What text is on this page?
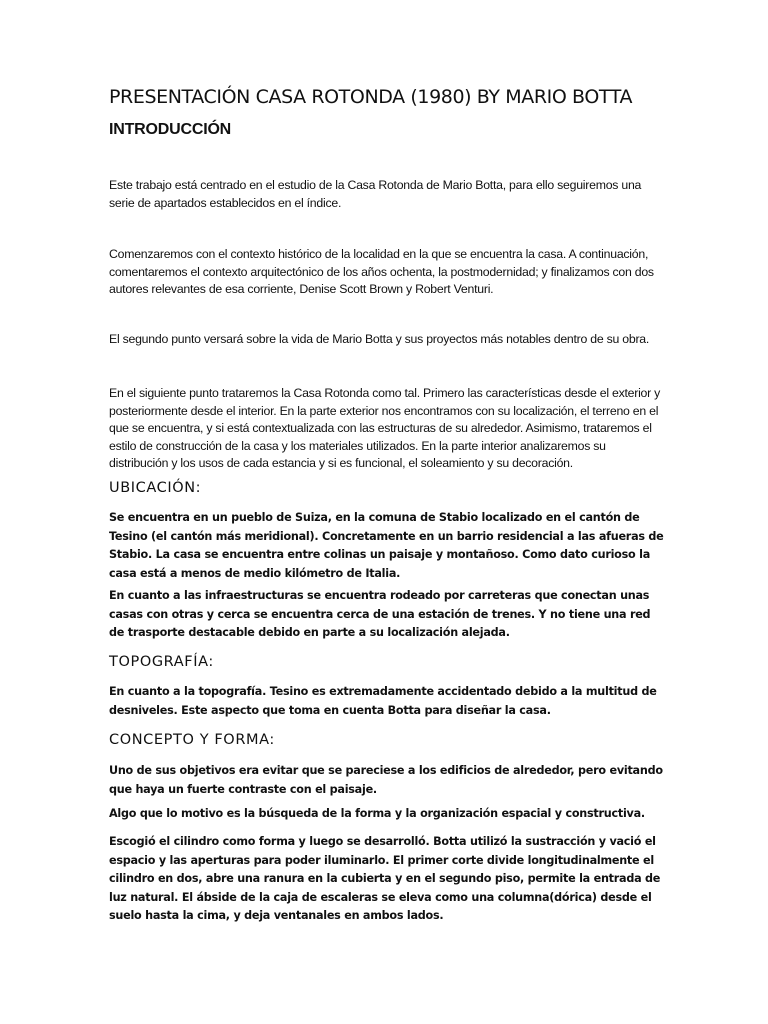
PRESENTACIÓN CASA ROTONDA (1980) BY MARIO BOTTA
INTRODUCCIÓN

Este trabajo está centrado en el estudio de la Casa Rotonda de Mario Botta, para ello seguiremos una serie de apartados establecidos en el índice.

Comenzaremos con el contexto histórico de la localidad en la que se encuentra la casa. A continuación, comentaremos el contexto arquitectónico de los años ochenta, la postmodernidad; y finalizamos con dos autores relevantes de esa corriente, Denise Scott Brown y Robert Venturi.

El segundo punto versará sobre la vida de Mario Botta y sus proyectos más notables dentro de su obra.

En el siguiente punto trataremos la Casa Rotonda como tal. Primero las características desde el exterior y posteriormente desde el interior. En la parte exterior nos encontramos con su localización, el terreno en el que se encuentra, y si está contextualizada con las estructuras de su alrededor. Asimismo, trataremos el estilo de construcción de la casa y los materiales utilizados. En la parte interior analizaremos su distribución y los usos de cada estancia y si es funcional, el soleamiento y su decoración.

UBICACIÓN:

Se encuentra en un pueblo de Suiza, en la comuna de Stabio localizado en el cantón de Tesino (el cantón más meridional). Concretamente en un barrio residencial a las afueras de Stabio. La casa se encuentra entre colinas un paisaje y montañoso. Como dato curioso la casa está a menos de medio kilómetro de Italia.

En cuanto a las infraestructuras se encuentra rodeado por carreteras que conectan unas casas con otras y cerca se encuentra cerca de una estación de trenes. Y no tiene una red de trasporte destacable debido en parte a su localización alejada.

TOPOGRAFÍA:

En cuanto a la topografía. Tesino es extremadamente accidentado debido a la multitud de desniveles. Este aspecto que toma en cuenta Botta para diseñar la casa.

CONCEPTO Y FORMA:

Uno de sus objetivos era evitar que se pareciese a los edificios de alrededor, pero evitando que haya un fuerte contraste con el paisaje.

Algo que lo motivo es la búsqueda de la forma y la organización espacial y constructiva.

Escogió el cilindro como forma y luego se desarrolló. Botta utilizó la sustracción y vació el espacio y las aperturas para poder iluminarlo. El primer corte divide longitudinalmente el cilindro en dos, abre una ranura en la cubierta y en el segundo piso, permite la entrada de luz natural. El ábside de la caja de escaleras se eleva como una columna(dórica) desde el suelo hasta la cima, y deja ventanales en ambos lados.
